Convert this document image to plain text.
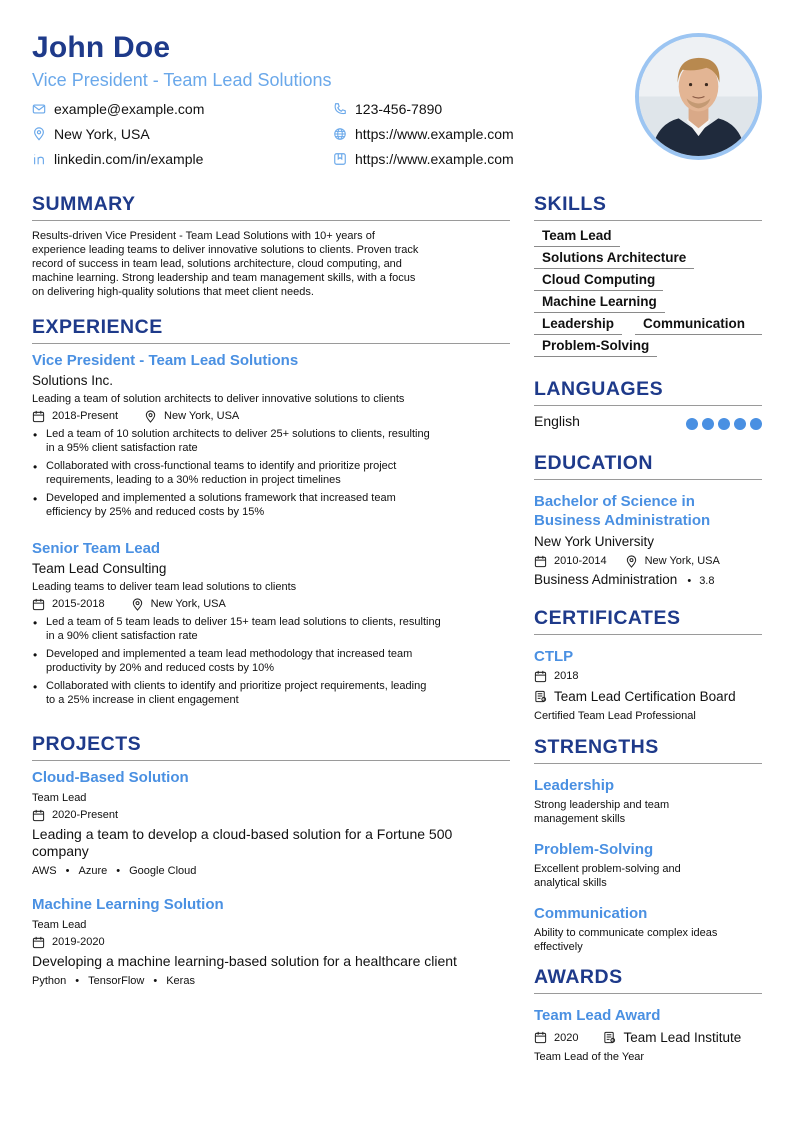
John Doe
Vice President - Team Lead Solutions
example@example.com	123-456-7890
New York, USA	https://www.example.com
linkedin.com/in/example	https://www.example.com
SUMMARY
Results-driven Vice President - Team Lead Solutions with 10+ years of
experience leading teams to deliver innovative solutions to clients. Proven track
record of success in team lead, solutions architecture, cloud computing, and
machine learning. Strong leadership and team management skills, with a focus
on delivering high-quality solutions that meet client needs.
EXPERIENCE
Vice President - Team Lead Solutions
Solutions Inc.
Leading a team of solution architects to deliver innovative solutions to clients
2018-Present	New York, USA
• Led a team of 10 solution architects to deliver 25+ solutions to clients, resulting
in a 95% client satisfaction rate
• Collaborated with cross-functional teams to identify and prioritize project
requirements, leading to a 30% reduction in project timelines
• Developed and implemented a solutions framework that increased team
efficiency by 25% and reduced costs by 15%
Senior Team Lead
Team Lead Consulting
Leading teams to deliver team lead solutions to clients
2015-2018	New York, USA
• Led a team of 5 team leads to deliver 15+ team lead solutions to clients, resulting
in a 90% client satisfaction rate
• Developed and implemented a team lead methodology that increased team
productivity by 20% and reduced costs by 10%
• Collaborated with clients to identify and prioritize project requirements, leading
to a 25% increase in client engagement
PROJECTS
Cloud-Based Solution
Team Lead
2020-Present
Leading a team to develop a cloud-based solution for a Fortune 500
company
AWS • Azure • Google Cloud
Machine Learning Solution
Team Lead
2019-2020
Developing a machine learning-based solution for a healthcare client
Python • TensorFlow • Keras
SKILLS
Team Lead
Solutions Architecture
Cloud Computing
Machine Learning
Leadership	Communication
Problem-Solving
LANGUAGES
English
EDUCATION
Bachelor of Science in
Business Administration
New York University
2010-2014	New York, USA
Business Administration • 3.8
CERTIFICATES
CTLP
2018
Team Lead Certification Board
Certified Team Lead Professional
STRENGTHS
Leadership
Strong leadership and team
management skills
Problem-Solving
Excellent problem-solving and
analytical skills
Communication
Ability to communicate complex ideas
effectively
AWARDS
Team Lead Award
2020	Team Lead Institute
Team Lead of the Year
